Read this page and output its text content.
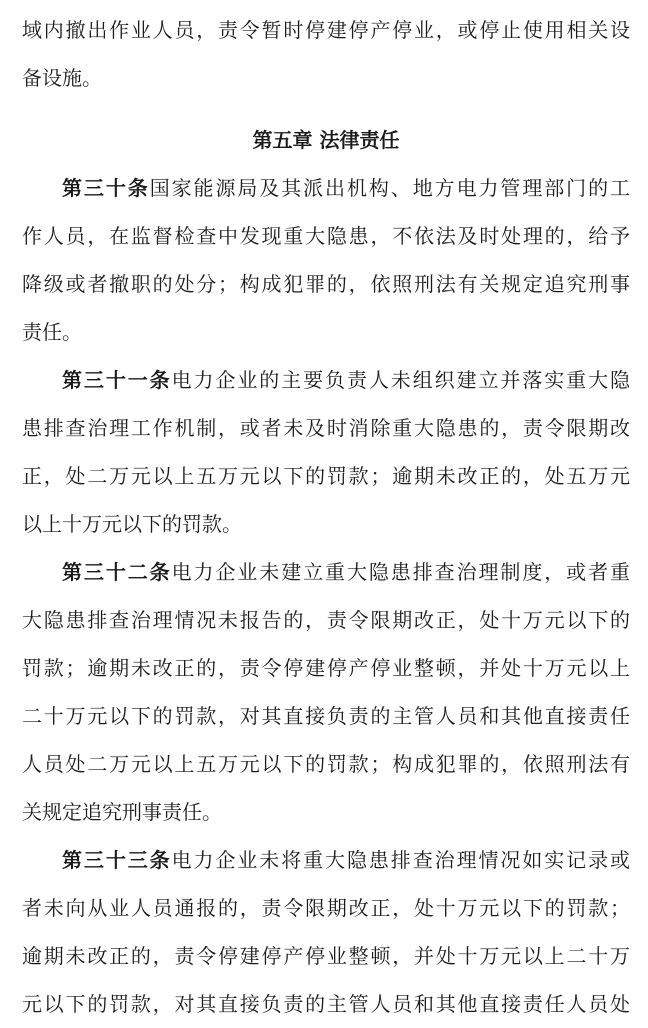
域内撤出作业人员，责令暂时停建停产停业，或停止使用相关设
备设施。
第五章 法律责任
第三十条国家能源局及其派出机构、地方电力管理部门的工
作人员，在监督检查中发现重大隐患，不依法及时处理的，给予
降级或者撤职的处分；构成犯罪的，依照刑法有关规定追究刑事
责任。
第三十一条电力企业的主要负责人未组织建立并落实重大隐
患排查治理工作机制，或者未及时消除重大隐患的，责令限期改
正，处二万元以上五万元以下的罚款；逾期未改正的，处五万元
以上十万元以下的罚款。
第三十二条电力企业未建立重大隐患排查治理制度，或者重
大隐患排查治理情况未报告的，责令限期改正，处十万元以下的
罚款；逾期未改正的，责令停建停产停业整顿，并处十万元以上
二十万元以下的罚款，对其直接负责的主管人员和其他直接责任
人员处二万元以上五万元以下的罚款；构成犯罪的，依照刑法有
关规定追究刑事责任。
第三十三条电力企业未将重大隐患排查治理情况如实记录或
者未向从业人员通报的，责令限期改正，处十万元以下的罚款；
逾期未改正的，责令停建停产停业整顿，并处十万元以上二十万
元以下的罚款，对其直接负责的主管人员和其他直接责任人员处
